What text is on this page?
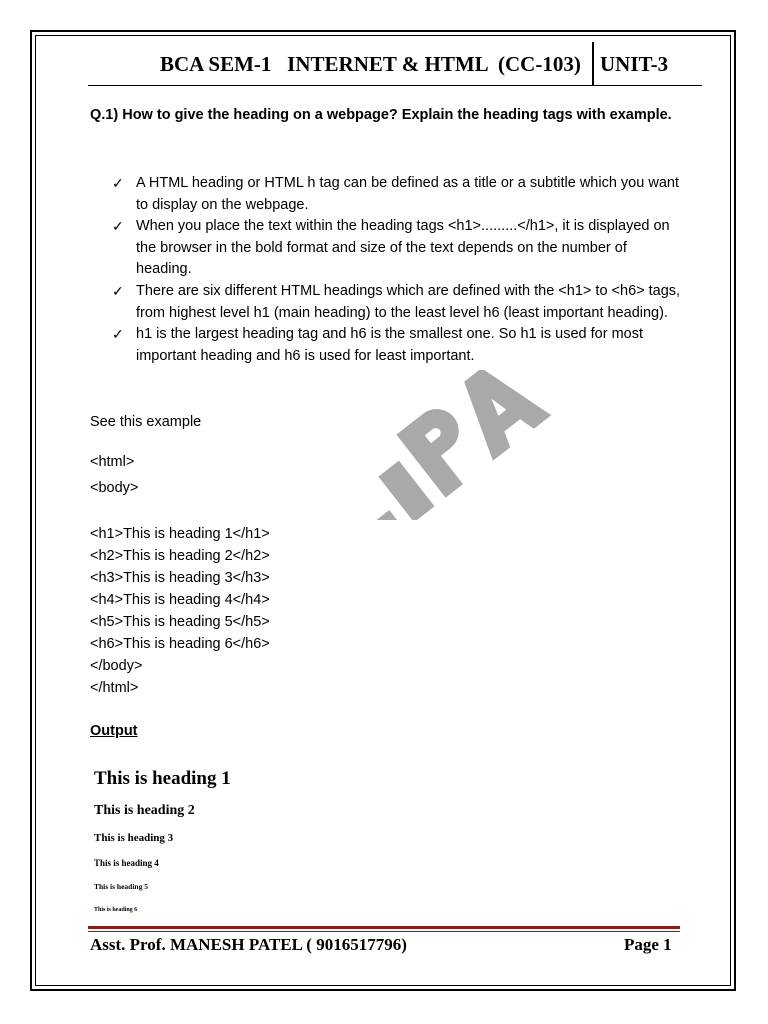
BCA SEM-1   INTERNET & HTML  (CC-103) UNIT-3
Q.1) How to give the heading on a webpage? Explain the heading tags with example.
✓ A HTML heading or HTML h tag can be defined as a title or a subtitle which you want to display on the webpage.
✓ When you place the text within the heading tags <h1>.........</h1>, it is displayed on the browser in the bold format and size of the text depends on the number of heading.
✓ There are six different HTML headings which are defined with the <h1> to <h6> tags, from highest level h1 (main heading) to the least level h6 (least important heading).
✓ h1 is the largest heading tag and h6 is the smallest one. So h1 is used for most important heading and h6 is used for least important.
See this example
<html>
<body>
<h1>This is heading 1</h1>
<h2>This is heading 2</h2>
<h3>This is heading 3</h3>
<h4>This is heading 4</h4>
<h5>This is heading 5</h5>
<h6>This is heading 6</h6>
</body>
</html>
Output
This is heading 1
This is heading 2
This is heading 3
This is heading 4
This is heading 5
This is heading 6
Asst. Prof. MANESH PATEL ( 9016517796)	Page 1
